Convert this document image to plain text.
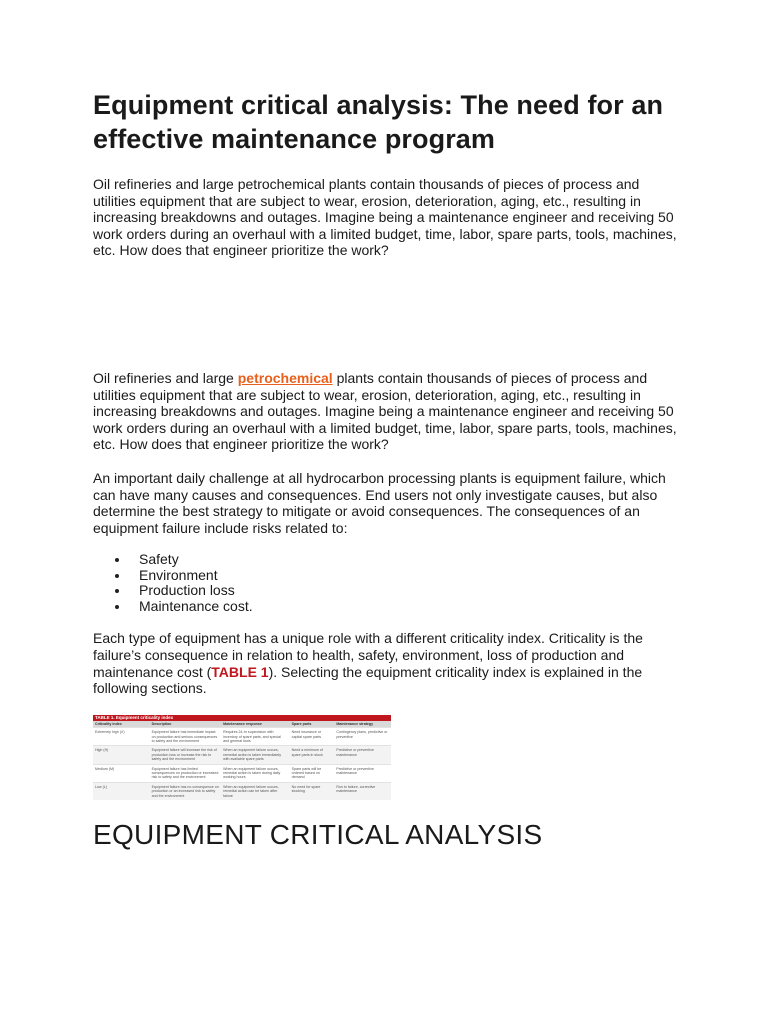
Equipment critical analysis: The need for an effective maintenance program

Oil refineries and large petrochemical plants contain thousands of pieces of process and utilities equipment that are subject to wear, erosion, deterioration, aging, etc., resulting in increasing breakdowns and outages. Imagine being a maintenance engineer and receiving 50 work orders during an overhaul with a limited budget, time, labor, spare parts, tools, machines, etc. How does that engineer prioritize the work?

Oil refineries and large petrochemical plants contain thousands of pieces of process and utilities equipment that are subject to wear, erosion, deterioration, aging, etc., resulting in increasing breakdowns and outages. Imagine being a maintenance engineer and receiving 50 work orders during an overhaul with a limited budget, time, labor, spare parts, tools, machines, etc. How does that engineer prioritize the work?

An important daily challenge at all hydrocarbon processing plants is equipment failure, which can have many causes and consequences. End users not only investigate causes, but also determine the best strategy to mitigate or avoid consequences. The consequences of an equipment failure include risks related to:

Safety
Environment
Production loss
Maintenance cost.

Each type of equipment has a unique role with a different criticality index. Criticality is the failure’s consequence in relation to health, safety, environment, loss of production and maintenance cost (TABLE 1). Selecting the equipment criticality index is explained in the following sections.

TABLE 1. Equipment criticality index
Criticality index	Description	Maintenance response	Spare parts	Maintenance strategy
Extremely high (X)	Equipment failure has immediate impact on production and serious consequences to safety and the environment	Requires 24-hr supervision with inventory of spare parts, and special and general tools	Need insurance or capital spare parts	Contingency plans, predictive or preventive
High (H)	Equipment failure will increase the risk of production loss or increase the risk to safety and the environment	When an equipment failure occurs, remedial action is taken immediately with available spare parts	Need a minimum of spare parts in stock	Predictive or preventive maintenance
Medium (M)	Equipment failure has limited consequences on production or increased risk to safety and the environment	When an equipment failure occurs, remedial action is taken during daily working hours	Spare parts will be ordered based on demand	Predictive or preventive maintenance
Low (L)	Equipment failure has no consequence on production or an increased risk to safety and the environment	When an equipment failure occurs, remedial action can be taken after failure	No need for spare stocking	Run to failure, corrective maintenance
EQUIPMENT CRITICAL ANALYSIS
